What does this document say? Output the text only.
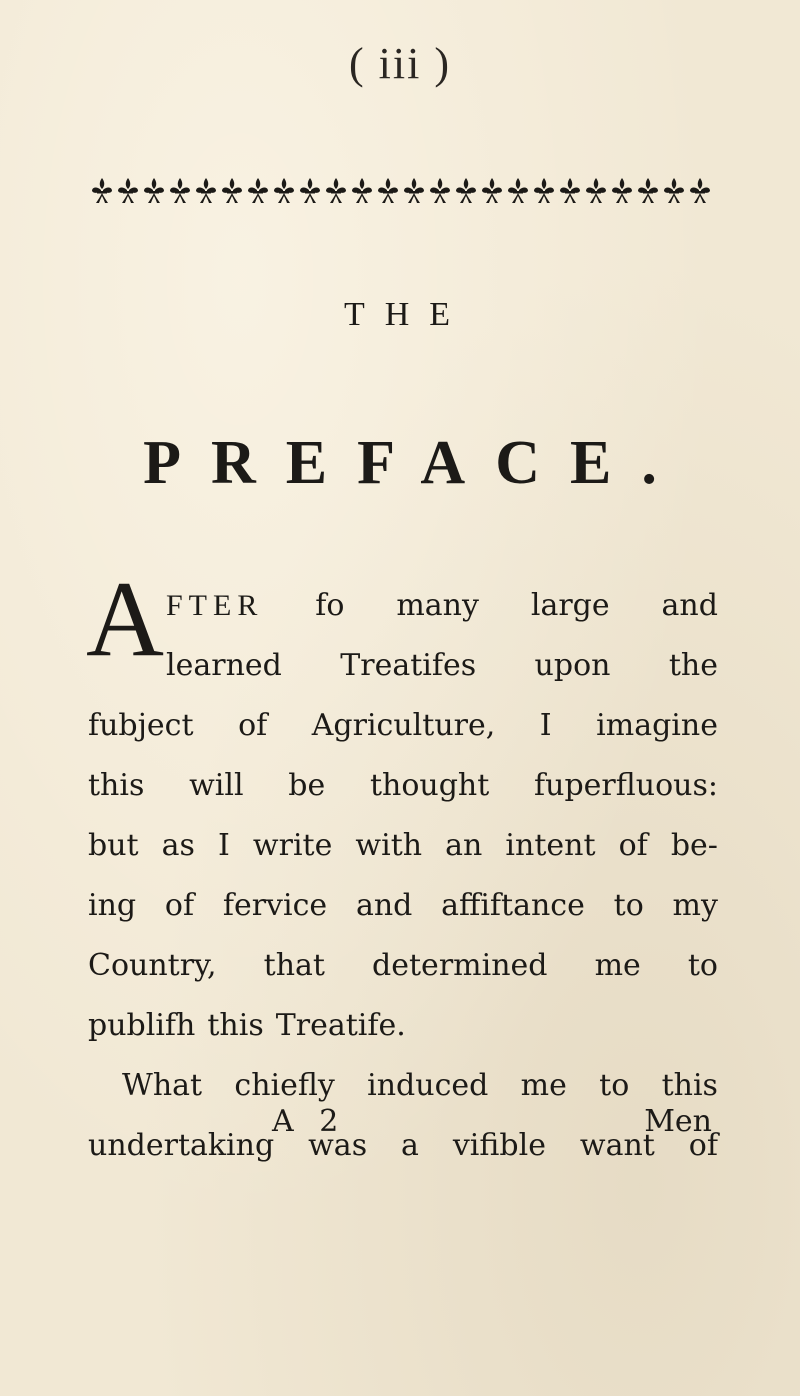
( iii )
THE
PREFACE.
A FTER fo many large and
learned Treatifes upon the
fubject of Agriculture, I imagine
this will be thought fuperfluous:
but as I write with an intent of be-
ing of fervice and affiftance to my
Country, that determined me to
publifh this Treatife.
What chiefly induced me to this
undertaking was a vifible want of
A 2	Men
